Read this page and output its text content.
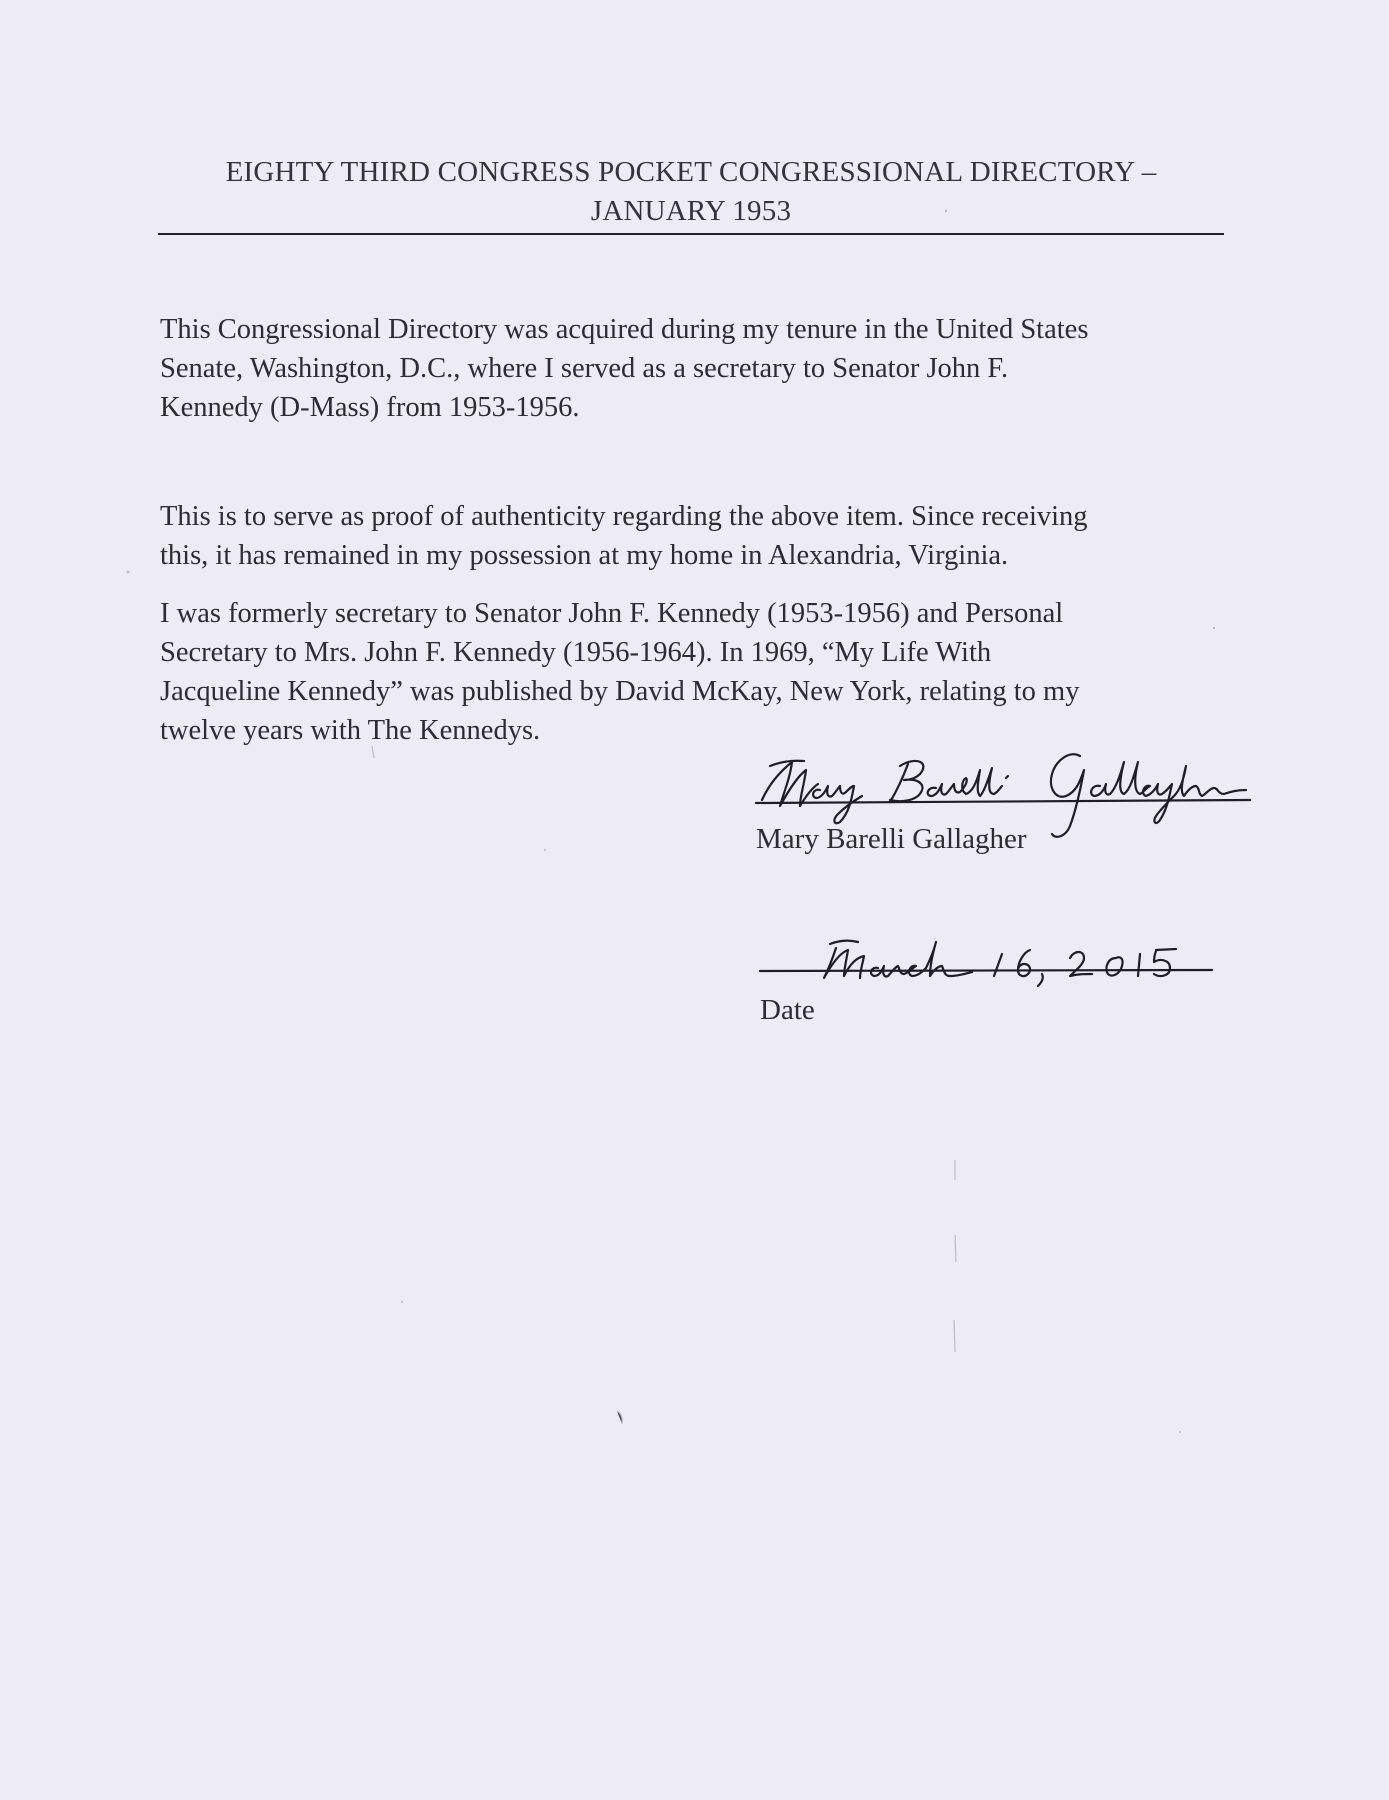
EIGHTY THIRD CONGRESS POCKET CONGRESSIONAL DIRECTORY –
JANUARY 1953
This Congressional Directory was acquired during my tenure in the United States
Senate, Washington, D.C., where I served as a secretary to Senator John F.
Kennedy (D-Mass) from 1953-1956.
This is to serve as proof of authenticity regarding the above item. Since receiving
this, it has remained in my possession at my home in Alexandria, Virginia.
I was formerly secretary to Senator John F. Kennedy (1953-1956) and Personal
Secretary to Mrs. John F. Kennedy (1956-1964). In 1969, “My Life With
Jacqueline Kennedy” was published by David McKay, New York, relating to my
twelve years with The Kennedys.
Mary Barelli Gallagher
Date
